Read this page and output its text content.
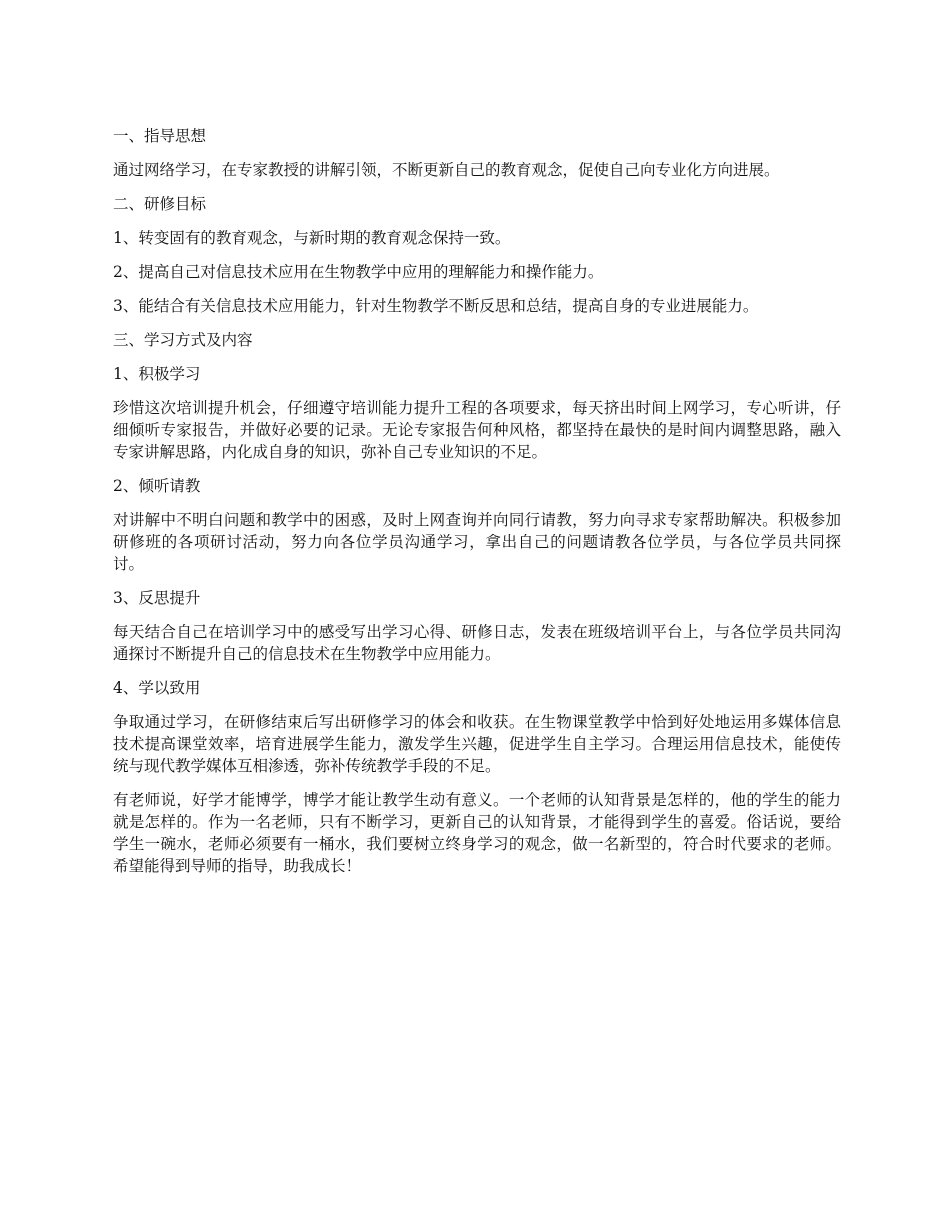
一、指导思想

通过网络学习，在专家教授的讲解引领，不断更新自己的教育观念，促使自己向专业化方向进展。

二、研修目标

1、转变固有的教育观念，与新时期的教育观念保持一致。

2、提高自己对信息技术应用在生物教学中应用的理解能力和操作能力。

3、能结合有关信息技术应用能力，针对生物教学不断反思和总结，提高自身的专业进展能力。

三、学习方式及内容

1、积极学习

珍惜这次培训提升机会，仔细遵守培训能力提升工程的各项要求，每天挤出时间上网学习，专心听讲，仔细倾听专家报告，并做好必要的记录。无论专家报告何种风格，都坚持在最快的是时间内调整思路，融入专家讲解思路，内化成自身的知识，弥补自己专业知识的不足。

2、倾听请教

对讲解中不明白问题和教学中的困惑，及时上网查询并向同行请教，努力向寻求专家帮助解决。积极参加研修班的各项研讨活动，努力向各位学员沟通学习，拿出自己的问题请教各位学员，与各位学员共同探讨。

3、反思提升

每天结合自己在培训学习中的感受写出学习心得、研修日志，发表在班级培训平台上，与各位学员共同沟通探讨不断提升自己的信息技术在生物教学中应用能力。

4、学以致用

争取通过学习，在研修结束后写出研修学习的体会和收获。在生物课堂教学中恰到好处地运用多媒体信息技术提高课堂效率，培育进展学生能力，激发学生兴趣，促进学生自主学习。合理运用信息技术，能使传统与现代教学媒体互相渗透，弥补传统教学手段的不足。

有老师说，好学才能博学，博学才能让教学生动有意义。一个老师的认知背景是怎样的，他的学生的能力就是怎样的。作为一名老师，只有不断学习，更新自己的认知背景，才能得到学生的喜爱。俗话说，要给学生一碗水，老师必须要有一桶水，我们要树立终身学习的观念，做一名新型的，符合时代要求的老师。希望能得到导师的指导，助我成长！
